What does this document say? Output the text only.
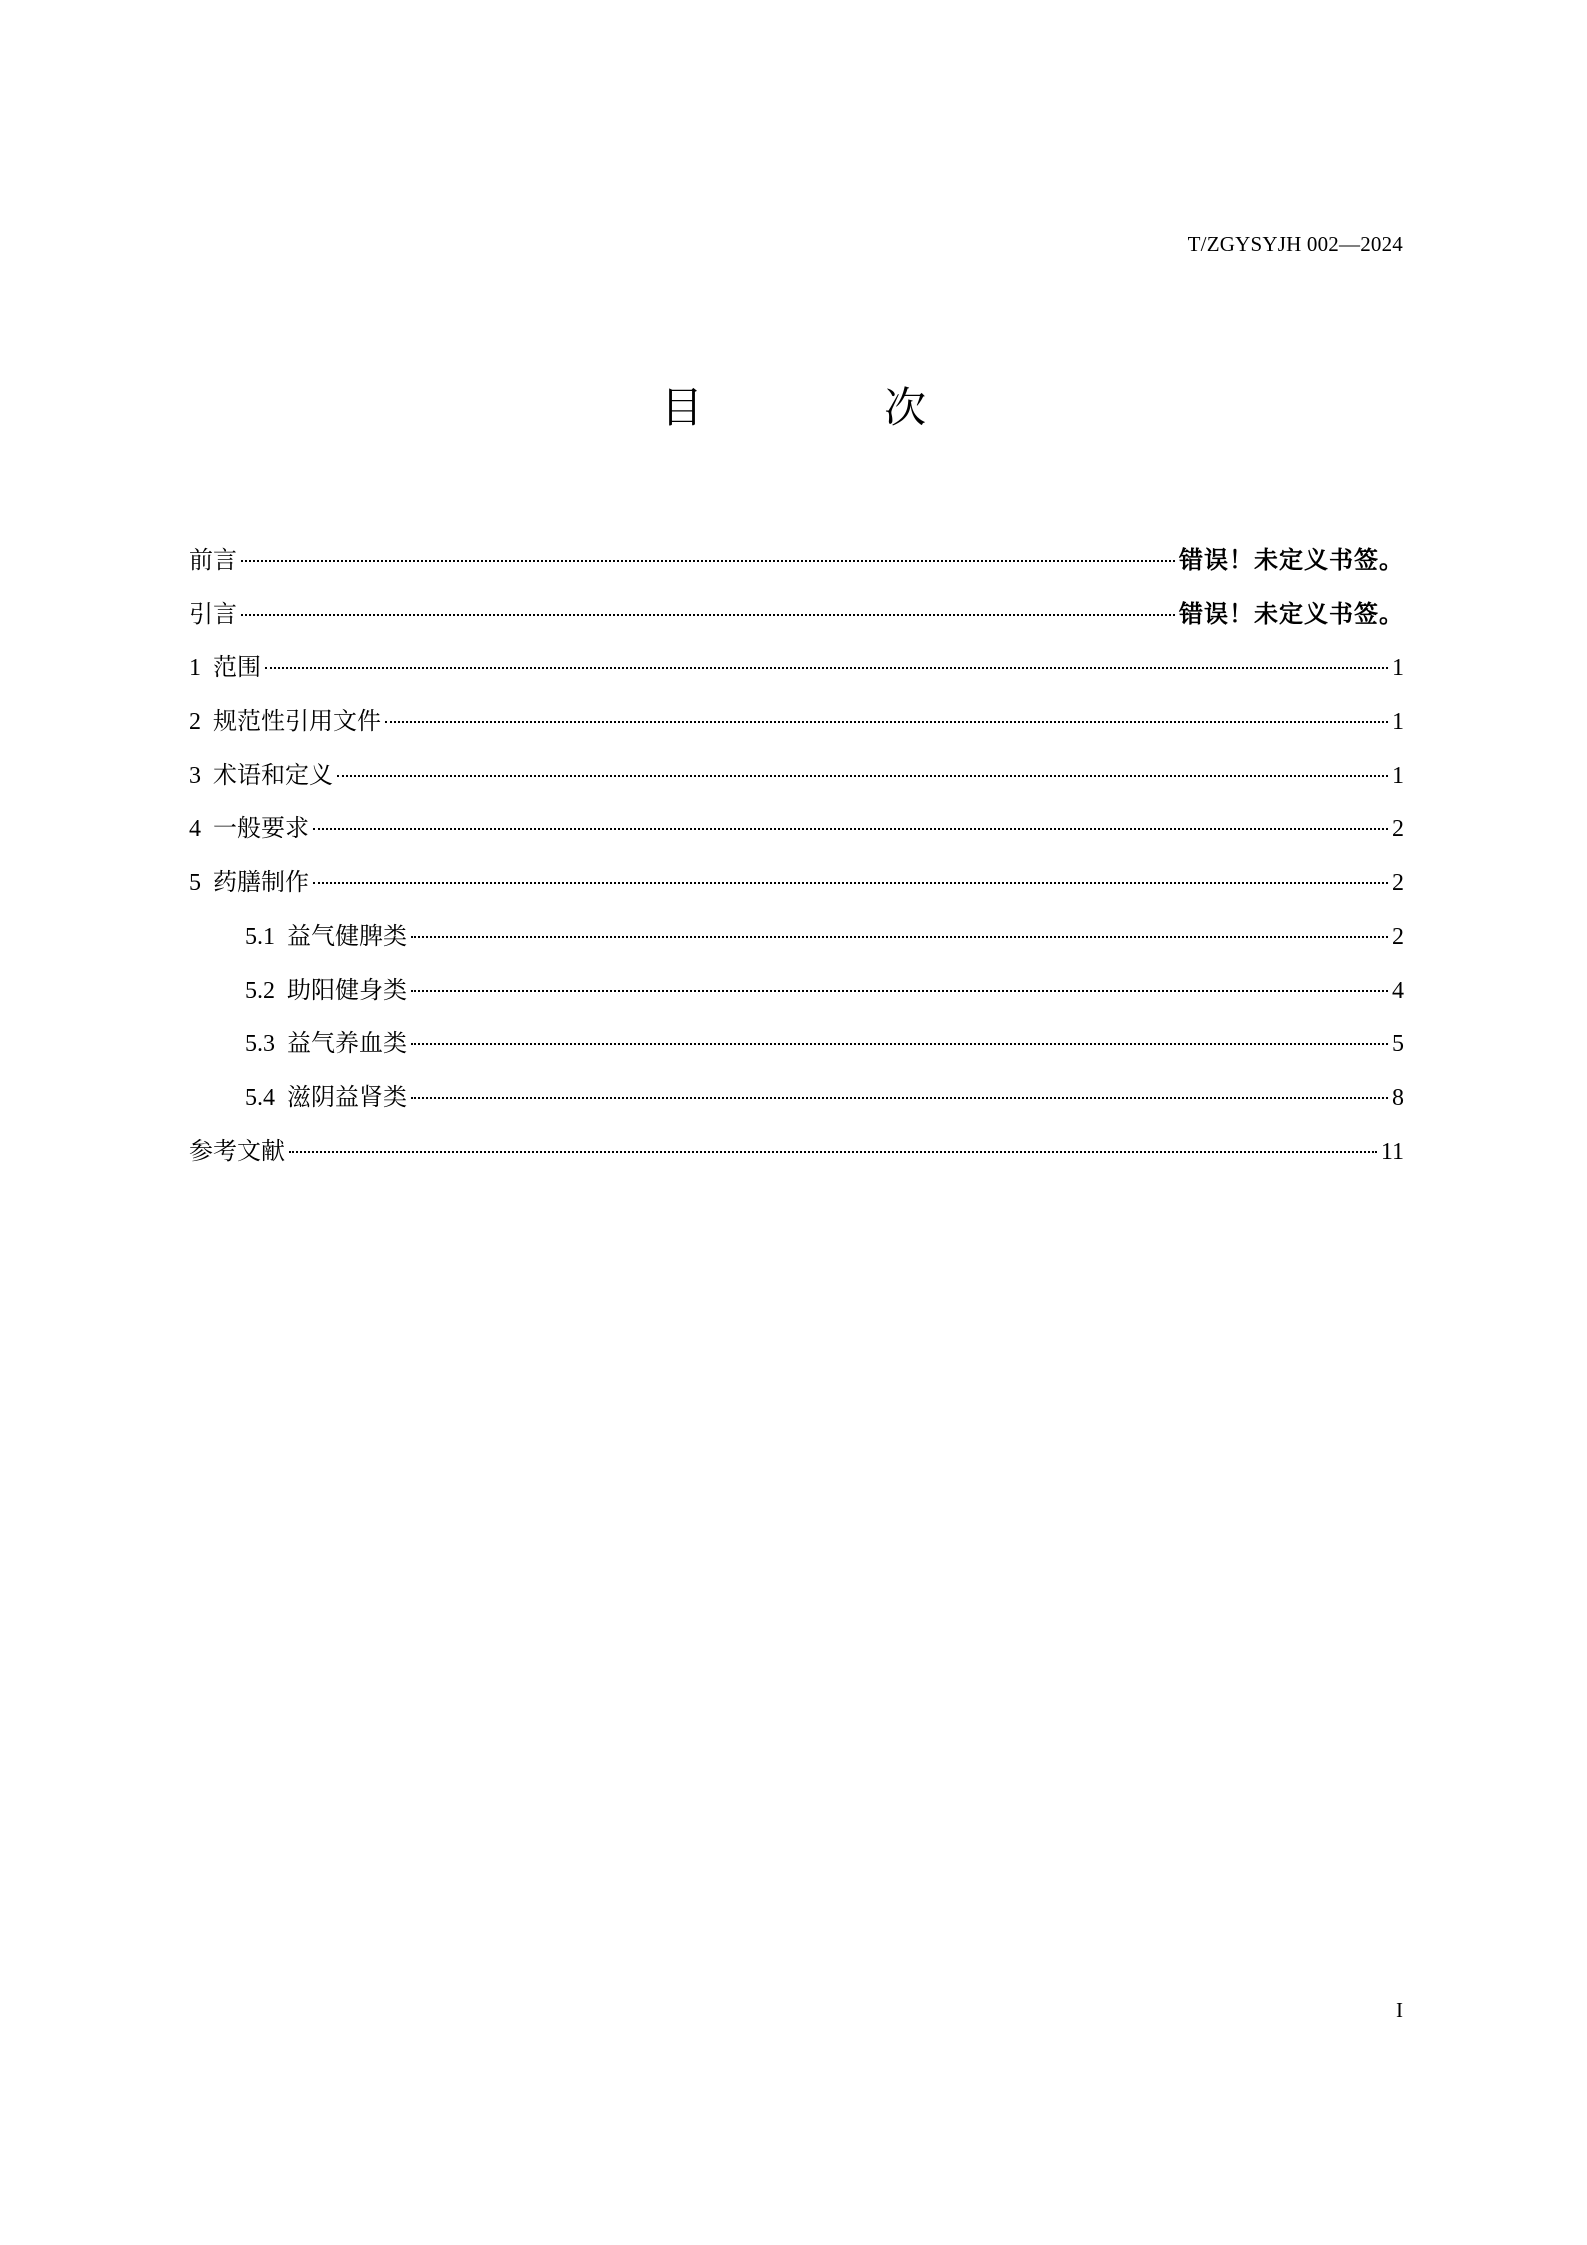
T/ZGYSYJH 002—2024
目 次
前言	错误！未定义书签。
引言	错误！未定义书签。
1 范围	1
2 规范性引用文件	1
3 术语和定义	1
4 一般要求	2
5 药膳制作	2
5.1 益气健脾类	2
5.2 助阳健身类	4
5.3 益气养血类	5
5.4 滋阴益肾类	8
参考文献	11
I
